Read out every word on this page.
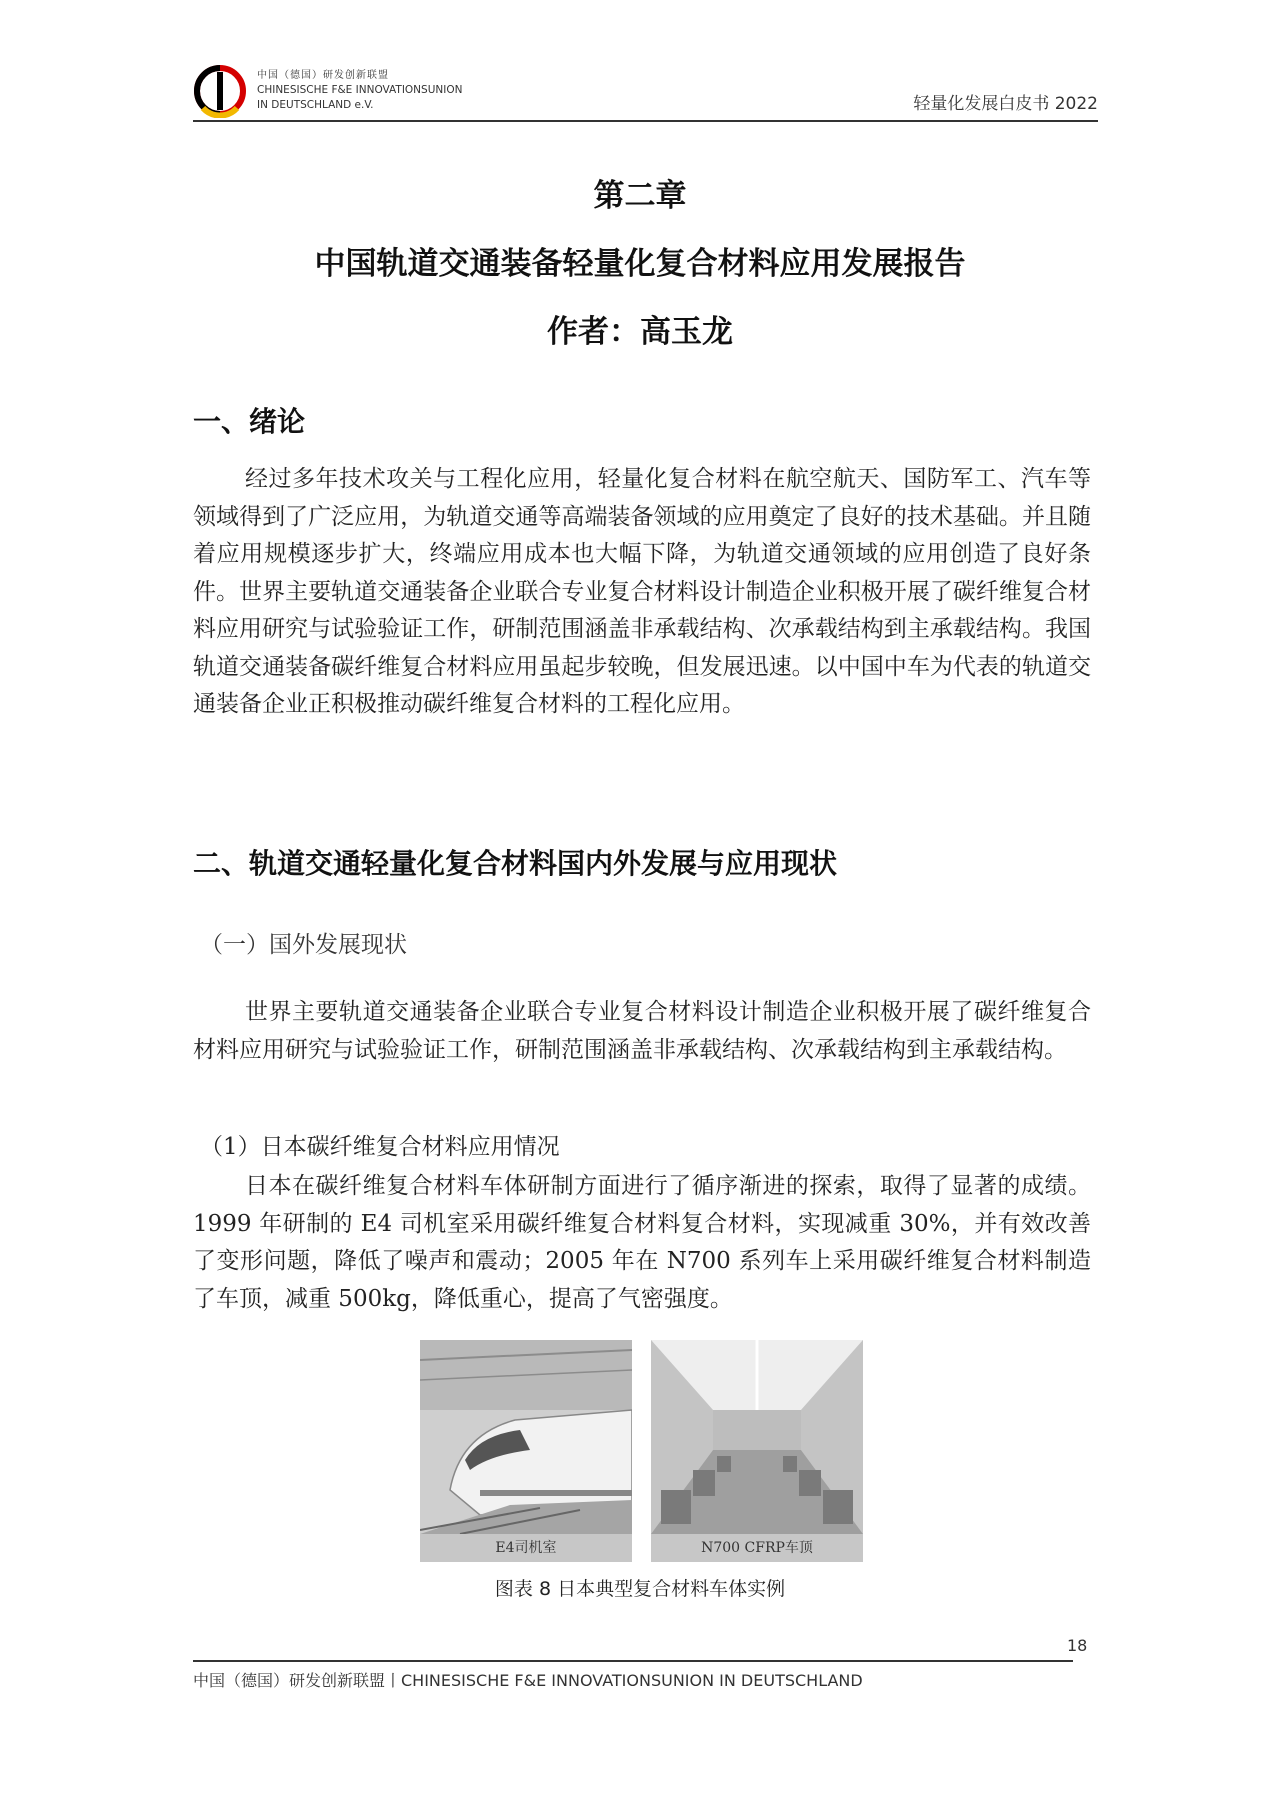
中国（德国）研发创新联盟
CHINESISCHE F&E INNOVATIONSUNION
IN DEUTSCHLAND e.V.	轻量化发展白皮书 2022
第二章
中国轨道交通装备轻量化复合材料应用发展报告
作者：高玉龙
一、绪论

经过多年技术攻关与工程化应用，轻量化复合材料在航空航天、国防军工、汽车等领域得到了广泛应用，为轨道交通等高端装备领域的应用奠定了良好的技术基础。并且随着应用规模逐步扩大，终端应用成本也大幅下降，为轨道交通领域的应用创造了良好条件。世界主要轨道交通装备企业联合专业复合材料设计制造企业积极开展了碳纤维复合材料应用研究与试验验证工作，研制范围涵盖非承载结构、次承载结构到主承载结构。我国轨道交通装备碳纤维复合材料应用虽起步较晚，但发展迅速。以中国中车为代表的轨道交通装备企业正积极推动碳纤维复合材料的工程化应用。

二、轨道交通轻量化复合材料国内外发展与应用现状
（一）国外发展现状

世界主要轨道交通装备企业联合专业复合材料设计制造企业积极开展了碳纤维复合材料应用研究与试验验证工作，研制范围涵盖非承载结构、次承载结构到主承载结构。

（1）日本碳纤维复合材料应用情况

日本在碳纤维复合材料车体研制方面进行了循序渐进的探索，取得了显著的成绩。1999 年研制的 E4 司机室采用碳纤维复合材料复合材料，实现减重 30%，并有效改善了变形问题，降低了噪声和震动；2005 年在 N700 系列车上采用碳纤维复合材料制造了车顶，减重 500kg，降低重心，提高了气密强度。

E4司机室	N700 CFRP车顶
图表 8 日本典型复合材料车体实例
18
中国（德国）研发创新联盟丨CHINESISCHE F&E INNOVATIONSUNION IN DEUTSCHLAND
